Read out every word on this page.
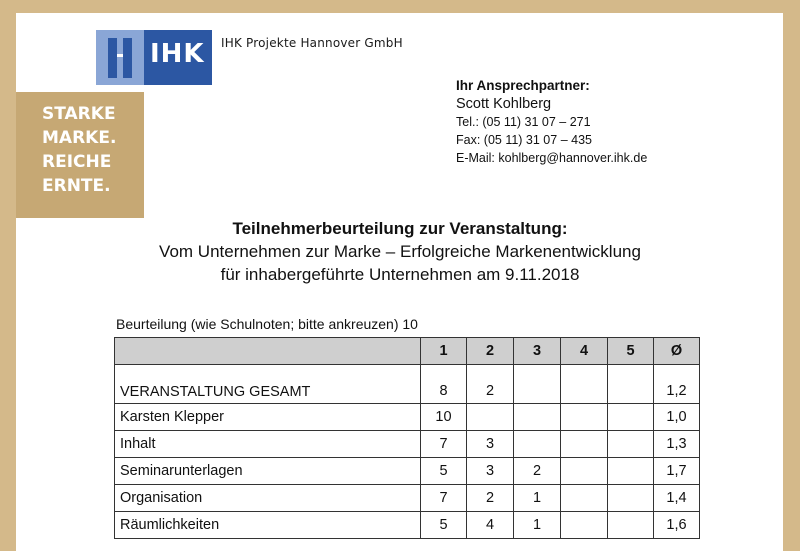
IHK IHK Projekte Hannover GmbH
STARKE
MARKE.
REICHE
ERNTE.
Ihr Ansprechpartner:
Scott Kohlberg
Tel.: (05 11) 31 07 – 271
Fax: (05 11) 31 07 – 435
E-Mail: kohlberg@hannover.ihk.de
Teilnehmerbeurteilung zur Veranstaltung:
Vom Unternehmen zur Marke – Erfolgreiche Markenentwicklung
für inhabergeführte Unternehmen am 9.11.2018
Beurteilung (wie Schulnoten; bitte ankreuzen) 10
	1	2	3	4	5	Ø
VERANSTALTUNG GESAMT	8	2				1,2
Karsten Klepper	10					1,0
Inhalt	7	3				1,3
Seminarunterlagen	5	3	2			1,7
Organisation	7	2	1			1,4
Räumlichkeiten	5	4	1			1,6
